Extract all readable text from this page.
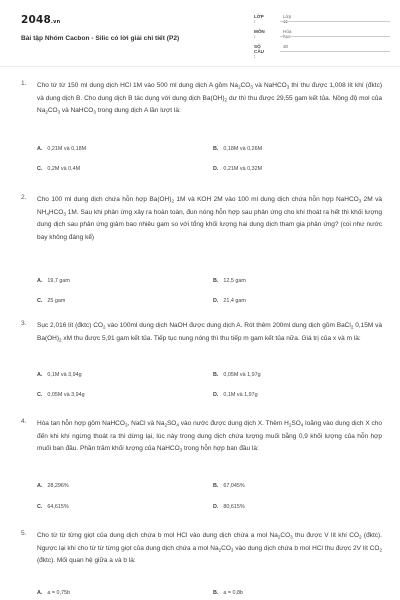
2048.vn
Bài tập Nhóm Cacbon - Silic có lời giải chi tiết (P2)
LỚP :
Lớp 11
MÔN :
Hóa học
SỐ CÂU :
30
1. Cho từ từ 150 ml dung dịch HCl 1M vào 500 ml dung dịch A gồm $Na_2CO_3$ và NaHCO$_3$ thì thu được 1,008 lít khí (đktc) và dung dịch B. Cho dung dịch B tác dụng với dung dịch $Ba(OH)_2$ dư thì thu được 29,55 gam kết tủa. Nồng độ mol của $Na_2CO_3$ và NaHCO$_3$ trong dung dịch A lần lượt là:
A. 0,21M và 0,18M	B. 0,18M và 0,26M
C. 0,2M và 0,4M	D. 0,21M và 0,32M
2. Cho 100 ml dung dịch chứa hỗn hợp $Ba(OH)_2$ 1M và KOH 2M vào 100 ml dung dịch chứa hỗn hợp NaHCO$_3$ 2M và $NH_4HCO_3$ 1M. Sau khi phản ứng xảy ra hoàn toàn, đun nóng hỗn hợp sau phản ứng cho khí thoát ra hết thì khối lượng dung dịch sau phản ứng giảm bao nhiêu gam so với tổng khối lượng hai dung dịch tham gia phản ứng? (coi như nước bay không đáng kể)
A. 19,7 gam	B. 12,5 gam
C. 25 gam	D. 21,4 gam
3. Sục 2,016 lít (đktc) $CO_2$ vào 100ml dung dịch NaOH được dung dịch A. Rót thêm 200ml dung dịch gồm BaCl$_2$ 0,15M và $Ba(OH)_2$ xM thu được 5,91 gam kết tủa. Tiếp tục nung nóng thì thu tiếp m gam kết tủa nữa. Giá trị của x và m là:
A. 0,1M và 3,94g	B. 0,05M và 1,97g
C. 0,05M và 3,94g	D. 0,1M và 1,97g
4. Hòa tan hỗn hợp gồm NaHCO$_3$, NaCl và $Na_2SO_4$ vào nước được dung dịch X. Thêm $H_2SO_4$ loãng vào dung dịch X cho đến khi khí ngừng thoát ra thì dừng lại, lúc này trong dung dịch chứa lượng muối bằng 0,9 khối lượng của hỗn hợp muối ban đầu. Phần trăm khối lượng của NaHCO$_3$ trong hỗn hợp ban đầu là:
A. 28,296%	B. 67,045%
C. 64,615%	D. 80,615%
5. Cho từ từ từng giọt của dung dịch chứa b mol HCl vào dung dịch chứa a mol $Na_2CO_3$ thu được V lít khí $CO_2$ (đktc). Ngược lại khi cho từ từ từng giọt của dung dịch chứa a mol $Na_2CO_3$ vào dung dịch chứa b mol HCl thu được 2V lít $CO_2$ (đktc). Mối quan hệ giữa a và b là:
A. a = 0,75b	B. a = 0,8b
